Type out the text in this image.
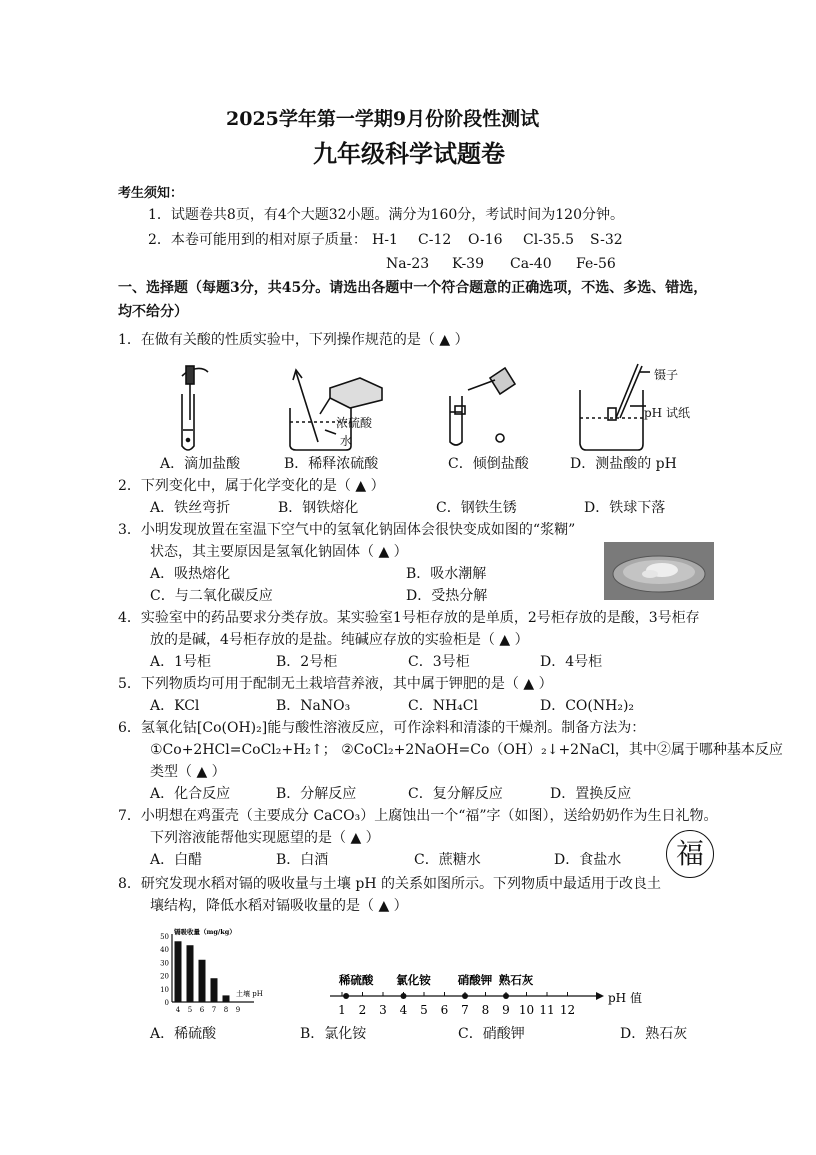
2025学年第一学期9月份阶段性测试
九年级科学试题卷
考生须知：
1．试题卷共8页，有4个大题32小题。满分为160分，考试时间为120分钟。
2．本卷可能用到的相对原子质量： H-1 C-12 O-16 Cl-35.5 S-32
Na-23 K-39 Ca-40 Fe-56
一、选择题（每题3分，共45分。请选出各题中一个符合题意的正确选项，不选、多选、错选，
均不给分）
1．在做有关酸的性质实验中，下列操作规范的是（ ▲ ）
浓硫酸
水
镊子
pH 试纸
A．滴加盐酸	B．稀释浓硫酸	C．倾倒盐酸	D．测盐酸的 pH
2．下列变化中，属于化学变化的是（ ▲ ）
A．铁丝弯折	B．钢铁熔化	C．钢铁生锈	D．铁球下落
3．小明发现放置在室温下空气中的氢氧化钠固体会很快变成如图的“浆糊”
状态，其主要原因是氢氧化钠固体（ ▲ ）
A．吸热熔化	B．吸水潮解
C．与二氧化碳反应	D．受热分解
4．实验室中的药品要求分类存放。某实验室1号柜存放的是单质，2号柜存放的是酸，3号柜存
放的是碱，4号柜存放的是盐。纯碱应存放的实验柜是（ ▲ ）
A．1号柜	B．2号柜	C．3号柜	D．4号柜
5．下列物质均可用于配制无土栽培营养液，其中属于钾肥的是（ ▲ ）
A．KCl	B．NaNO₃	C．NH₄Cl	D．CO(NH₂)₂
6．氢氧化钴[Co(OH)₂]能与酸性溶液反应，可作涂料和清漆的干燥剂。制备方法为：
①Co+2HCl=CoCl₂+H₂↑； ②CoCl₂+2NaOH=Co（OH）₂↓+2NaCl，其中②属于哪种基本反应
类型（ ▲ ）
A．化合反应	B．分解反应	C．复分解反应	D．置换反应
7．小明想在鸡蛋壳（主要成分 CaCO₃）上腐蚀出一个“福”字（如图），送给奶奶作为生日礼物。
下列溶液能帮他实现愿望的是（ ▲ ）
A．白醋	B．白酒	C．蔗糖水	D．食盐水	福
8．研究发现水稻对镉的吸收量与土壤 pH 的关系如图所示。下列物质中最适用于改良土
壤结构，降低水稻对镉吸收量的是（ ▲ ）
0
10
20
30
40
50
4 5 6 7 8 9
镉吸收量（mg/kg）
土壤 pH
1 2 3 4 5 6 7 8 9 10 11 12
pH 值
稀硫酸 氯化铵 硝酸钾 熟石灰
A．稀硫酸	B．氯化铵	C．硝酸钾	D．熟石灰
